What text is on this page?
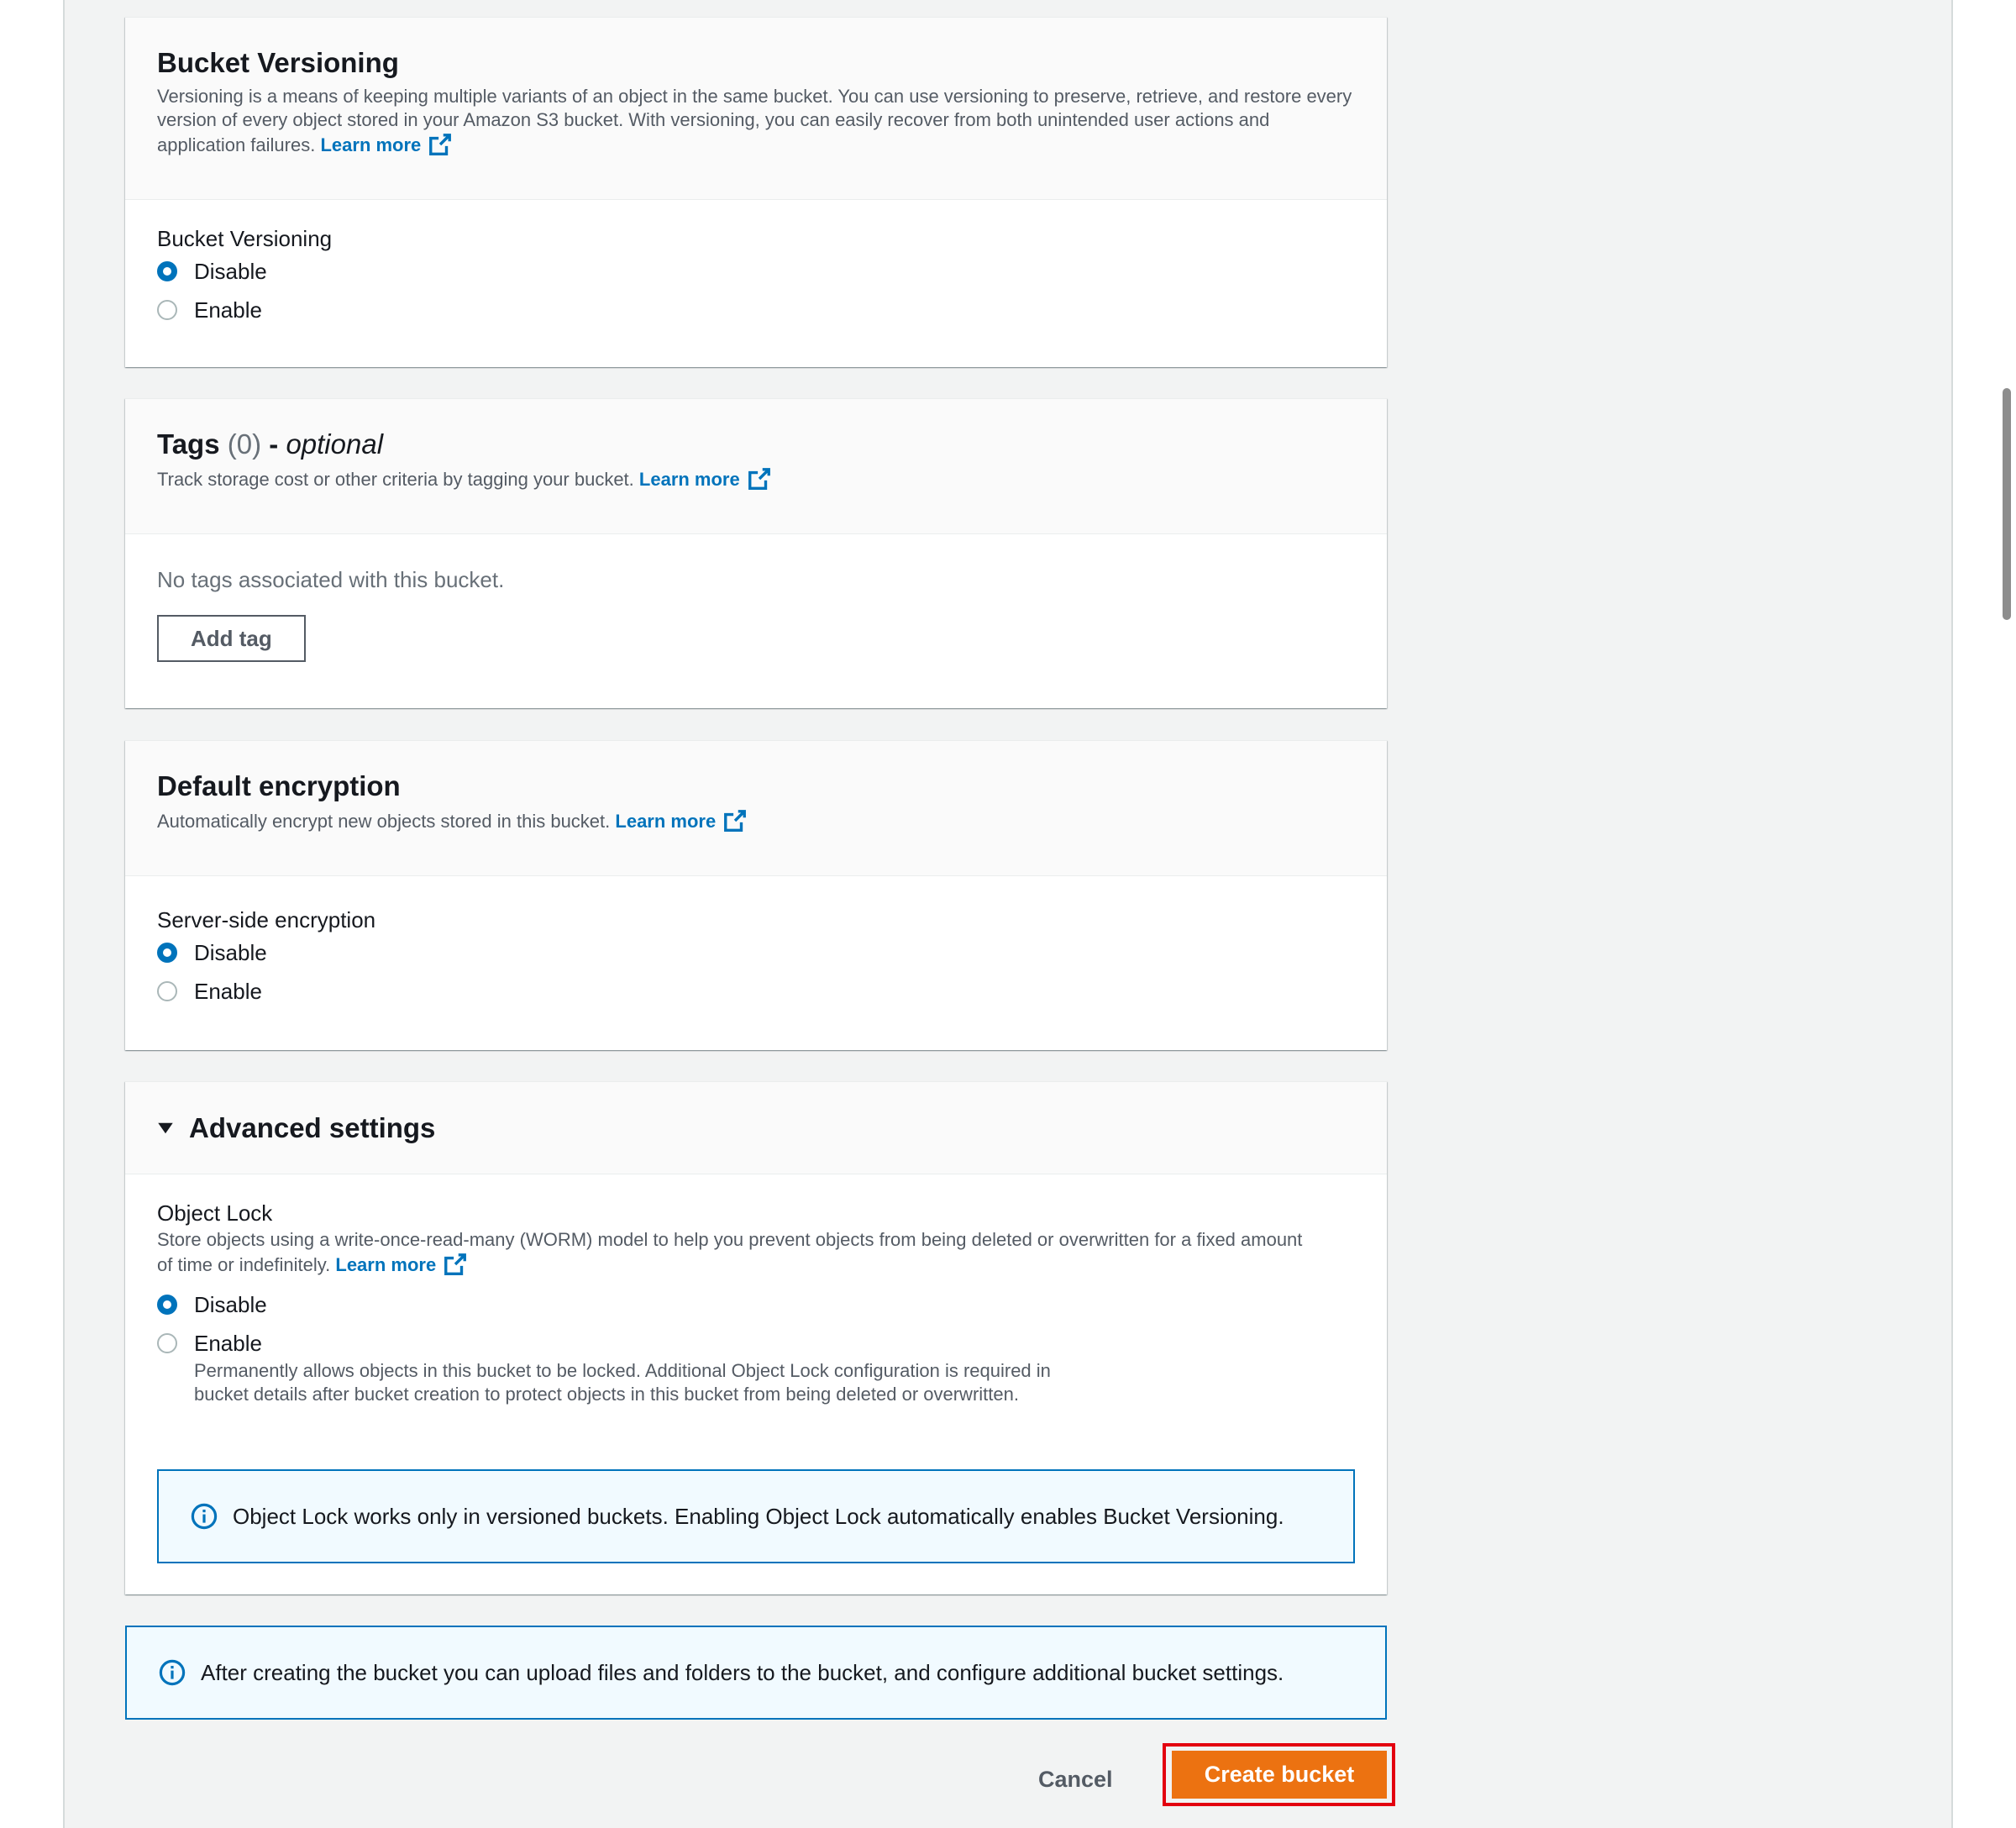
Bucket Versioning

Versioning is a means of keeping multiple variants of an object in the same bucket. You can use versioning to preserve, retrieve, and restore every version of every object stored in your Amazon S3 bucket. With versioning, you can easily recover from both unintended user actions and application failures. Learn more

Bucket Versioning
Disable
Enable
Tags (0) - optional

Track storage cost or other criteria by tagging your bucket. Learn more

No tags associated with this bucket.
Add tag
Default encryption

Automatically encrypt new objects stored in this bucket. Learn more

Server-side encryption
Disable
Enable
Advanced settings
Object Lock

Store objects using a write-once-read-many (WORM) model to help you prevent objects from being deleted or overwritten for a fixed amount of time or indefinitely. Learn more

Disable
Enable
Permanently allows objects in this bucket to be locked. Additional Object Lock configuration is required in bucket details after bucket creation to protect objects in this bucket from being deleted or overwritten.
Object Lock works only in versioned buckets. Enabling Object Lock automatically enables Bucket Versioning.
After creating the bucket you can upload files and folders to the bucket, and configure additional bucket settings.
Cancel	Create bucket
